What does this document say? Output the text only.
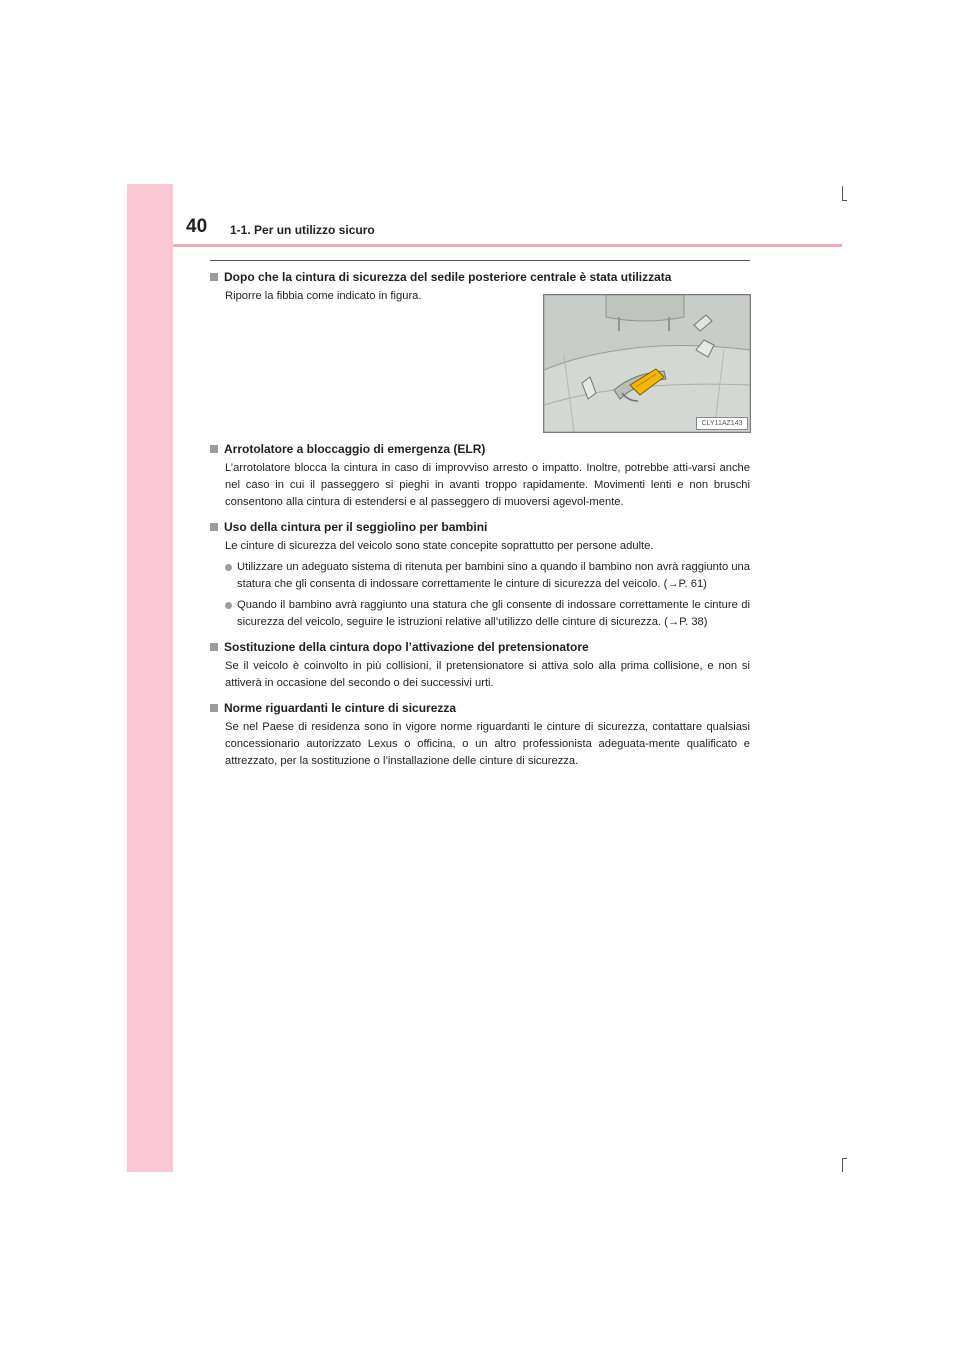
40 1-1. Per un utilizzo sicuro
Dopo che la cintura di sicurezza del sedile posteriore centrale è stata utilizzata
Riporre la fibbia come indicato in figura.
CLY11AZ143
Arrotolatore a bloccaggio di emergenza (ELR)
L’arrotolatore blocca la cintura in caso di improvviso arresto o impatto. Inoltre, potrebbe atti-varsi anche nel caso in cui il passeggero si pieghi in avanti troppo rapidamente. Movimenti lenti e non bruschi consentono alla cintura di estendersi e al passeggero di muoversi agevol-mente.
Uso della cintura per il seggiolino per bambini
Le cinture di sicurezza del veicolo sono state concepite soprattutto per persone adulte.
Utilizzare un adeguato sistema di ritenuta per bambini sino a quando il bambino non avrà raggiunto una statura che gli consenta di indossare correttamente le cinture di sicurezza del veicolo. (→P. 61)
Quando il bambino avrà raggiunto una statura che gli consente di indossare correttamente le cinture di sicurezza del veicolo, seguire le istruzioni relative all’utilizzo delle cinture di sicurezza. (→P. 38)
Sostituzione della cintura dopo l’attivazione del pretensionatore
Se il veicolo è coinvolto in più collisioni, il pretensionatore si attiva solo alla prima collisione, e non si attiverà in occasione del secondo o dei successivi urti.
Norme riguardanti le cinture di sicurezza
Se nel Paese di residenza sono in vigore norme riguardanti le cinture di sicurezza, contattare qualsiasi concessionario autorizzato Lexus o officina, o un altro professionista adeguata-mente qualificato e attrezzato, per la sostituzione o l’installazione delle cinture di sicurezza.
